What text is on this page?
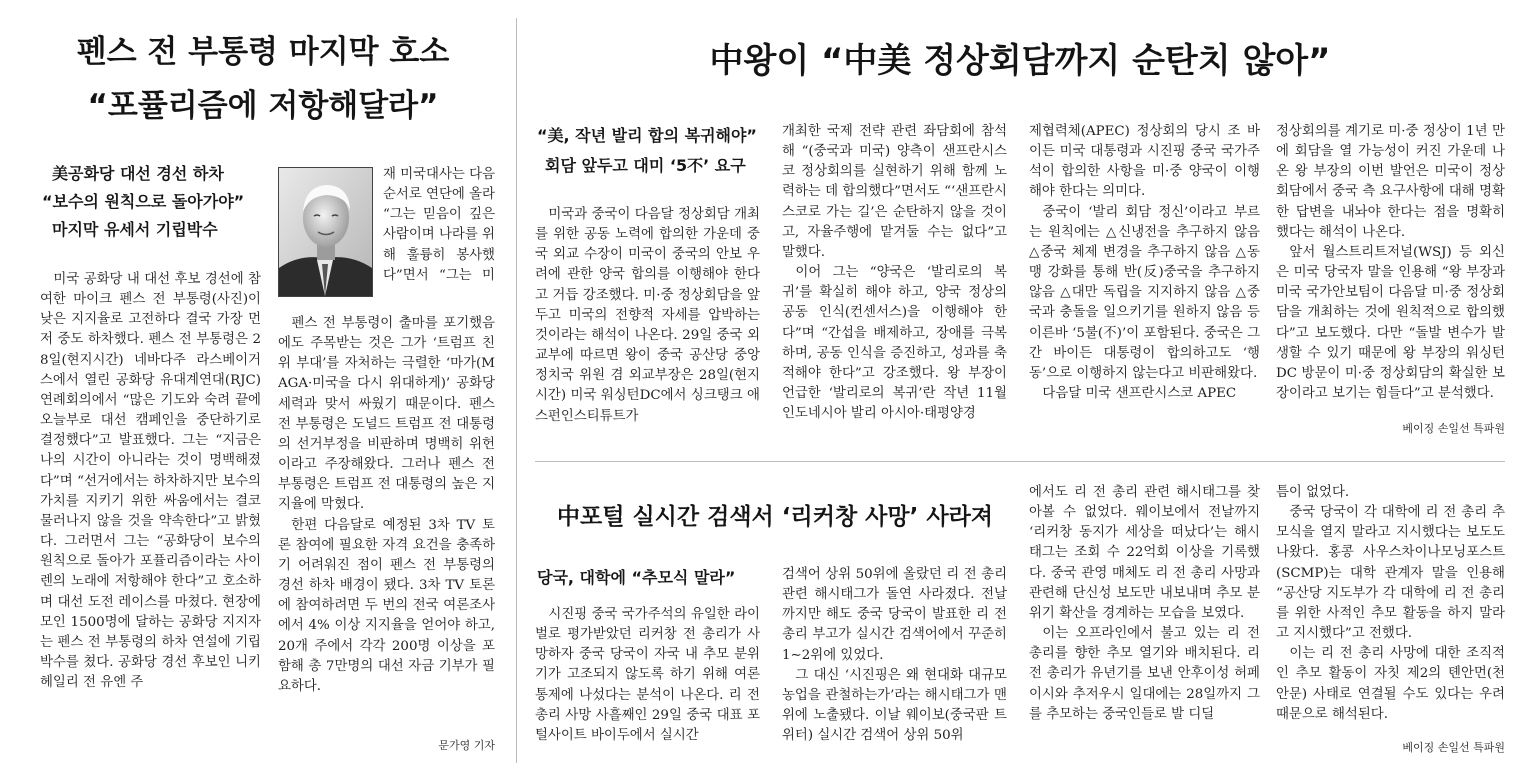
펜스 전 부통령 마지막 호소
“포퓰리즘에 저항해달라”
美공화당 대선 경선 하차
“보수의 원칙으로 돌아가야”
마지막 유세서 기립박수

미국 공화당 내 대선 후보 경선에 참여한 마이크 펜스 전 부통령(사진)이 낮은 지지율로 고전하다 결국 가장 먼저 중도 하차했다. 펜스 전 부통령은 28일(현지시간) 네바다주 라스베이거스에서 열린 공화당 유대계연대(RJC) 연례회의에서 “많은 기도와 숙려 끝에 오늘부로 대선 캠페인을 중단하기로 결정했다”고 발표했다. 그는 “지금은 나의 시간이 아니라는 것이 명백해졌다”며 “선거에서는 하차하지만 보수의 가치를 지키기 위한 싸움에서는 결코 물러나지 않을 것을 약속한다”고 밝혔다. 그러면서 그는 “공화당이 보수의 원칙으로 돌아가 포퓰리즘이라는 사이렌의 노래에 저항해야 한다”고 호소하며 대선 도전 레이스를 마쳤다. 현장에 모인 1500명에 달하는 공화당 지지자는 펜스 전 부통령의 하차 연설에 기립 박수를 쳤다. 공화당 경선 후보인 니키 헤일리 전 유엔 주

재 미국대사는 다음 순서로 연단에 올라 “그는 믿음이 깊은 사람이며 나라를 위해 훌륭히 봉사했다”면서 “그는 미

펜스 전 부통령이 출마를 포기했음에도 주목받는 것은 그가 ‘트럼프 친위 부대’를 자처하는 극렬한 ‘마가(MAGA·미국을 다시 위대하게)’ 공화당 세력과 맞서 싸웠기 때문이다. 펜스 전 부통령은 도널드 트럼프 전 대통령의 선거부정을 비판하며 명백히 위헌이라고 주장해왔다. 그러나 펜스 전 부통령은 트럼프 전 대통령의 높은 지지율에 막혔다.

한편 다음달로 예정된 3차 TV 토론 참여에 필요한 자격 요건을 충족하기 어려워진 점이 펜스 전 부통령의 경선 하차 배경이 됐다. 3차 TV 토론에 참여하려면 두 번의 전국 여론조사에서 4% 이상 지지율을 얻어야 하고, 20개 주에서 각각 200명 이상을 포함해 총 7만명의 대선 자금 기부가 필요하다.

문가영 기자
中왕이 “中美 정상회담까지 순탄치 않아”
“美, 작년 발리 합의 복귀해야”
회담 앞두고 대미 ‘5不’ 요구

미국과 중국이 다음달 정상회담 개최를 위한 공동 노력에 합의한 가운데 중국 외교 수장이 미국이 중국의 안보 우려에 관한 양국 합의를 이행해야 한다고 거듭 강조했다. 미·중 정상회담을 앞두고 미국의 전향적 자세를 압박하는 것이라는 해석이 나온다. 29일 중국 외교부에 따르면 왕이 중국 공산당 중앙정치국 위원 겸 외교부장은 28일(현지시간) 미국 워싱턴DC에서 싱크탱크 애스펀인스티튜트가

개최한 국제 전략 관련 좌담회에 참석해 “(중국과 미국) 양측이 샌프란시스코 정상회의를 실현하기 위해 함께 노력하는 데 합의했다”면서도 “‘샌프란시스코로 가는 길’은 순탄하지 않을 것이고, 자율주행에 맡겨둘 수는 없다”고 말했다.

이어 그는 “양국은 ‘발리로의 복귀’를 확실히 해야 하고, 양국 정상의 공동 인식(컨센서스)을 이행해야 한다”며 “간섭을 배제하고, 장애를 극복하며, 공동 인식을 증진하고, 성과를 축적해야 한다”고 강조했다. 왕 부장이 언급한 ‘발리로의 복귀’란 작년 11월 인도네시아 발리 아시아·태평양경

제협력체(APEC) 정상회의 당시 조 바이든 미국 대통령과 시진핑 중국 국가주석이 합의한 사항을 미·중 양국이 이행해야 한다는 의미다.

중국이 ‘발리 회담 정신’이라고 부르는 원칙에는 △신냉전을 추구하지 않음 △중국 체제 변경을 추구하지 않음 △동맹 강화를 통해 반(反)중국을 추구하지 않음 △대만 독립을 지지하지 않음 △중국과 충돌을 일으키기를 원하지 않음 등 이른바 ‘5불(不)’이 포함된다. 중국은 그간 바이든 대통령이 합의하고도 ‘행동’으로 이행하지 않는다고 비판해왔다.

다음달 미국 샌프란시스코 APEC

정상회의를 계기로 미·중 정상이 1년 만에 회담을 열 가능성이 커진 가운데 나온 왕 부장의 이번 발언은 미국이 정상회담에서 중국 측 요구사항에 대해 명확한 답변을 내놔야 한다는 점을 명확히 했다는 해석이 나온다.

앞서 월스트리트저널(WSJ) 등 외신은 미국 당국자 말을 인용해 “왕 부장과 미국 국가안보팀이 다음달 미·중 정상회담을 개최하는 것에 원칙적으로 합의했다”고 보도했다. 다만 “돌발 변수가 발생할 수 있기 때문에 왕 부장의 워싱턴DC 방문이 미·중 정상회담의 확실한 보장이라고 보기는 힘들다”고 분석했다.

베이징 손일선 특파원
中포털 실시간 검색서 ‘리커창 사망’ 사라져
당국, 대학에 “추모식 말라”

시진핑 중국 국가주석의 유일한 라이벌로 평가받았던 리커창 전 총리가 사망하자 중국 당국이 자국 내 추모 분위기가 고조되지 않도록 하기 위해 여론 통제에 나섰다는 분석이 나온다. 리 전 총리 사망 사흘째인 29일 중국 대표 포털사이트 바이두에서 실시간

검색어 상위 50위에 올랐던 리 전 총리 관련 해시태그가 돌연 사라졌다. 전날까지만 해도 중국 당국이 발표한 리 전 총리 부고가 실시간 검색어에서 꾸준히 1∼2위에 있었다.

그 대신 ‘시진핑은 왜 현대화 대규모 농업을 관철하는가’라는 해시태그가 맨 위에 노출됐다. 이날 웨이보(중국판 트위터) 실시간 검색어 상위 50위

에서도 리 전 총리 관련 해시태그를 찾아볼 수 없었다. 웨이보에서 전날까지 ‘리커창 동지가 세상을 떠났다’는 해시태그는 조회 수 22억회 이상을 기록했다. 중국 관영 매체도 리 전 총리 사망과 관련해 단신성 보도만 내보내며 추모 분위기 확산을 경계하는 모습을 보였다.

이는 오프라인에서 불고 있는 리 전 총리를 향한 추모 열기와 배치된다. 리 전 총리가 유년기를 보낸 안후이성 허페이시와 추저우시 일대에는 28일까지 그를 추모하는 중국인들로 발 디딜

틈이 없었다.

중국 당국이 각 대학에 리 전 총리 추모식을 열지 말라고 지시했다는 보도도 나왔다. 홍콩 사우스차이나모닝포스트(SCMP)는 대학 관계자 말을 인용해 “공산당 지도부가 각 대학에 리 전 총리를 위한 사적인 추모 활동을 하지 말라고 지시했다”고 전했다.

이는 리 전 총리 사망에 대한 조직적인 추모 활동이 자칫 제2의 톈안먼(천안문) 사태로 연결될 수도 있다는 우려 때문으로 해석된다.

베이징 손일선 특파원
